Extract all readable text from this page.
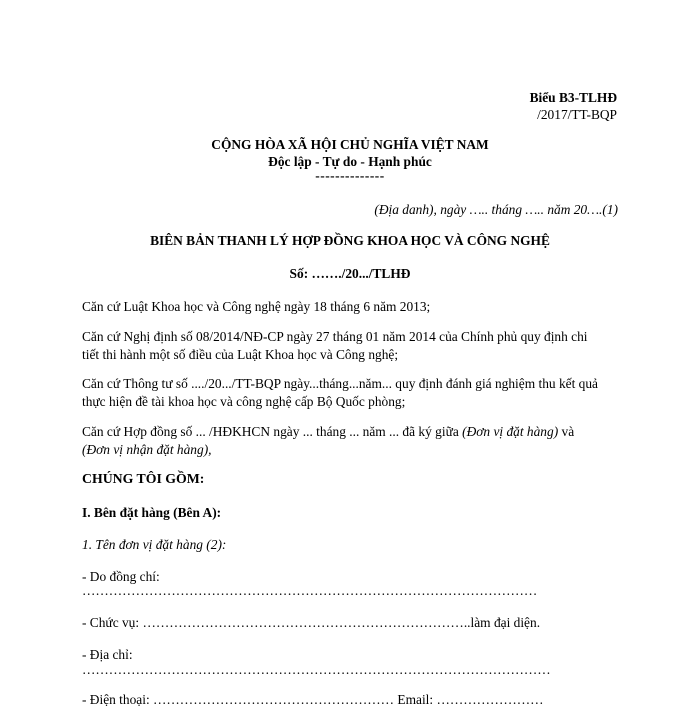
Biểu B3-TLHĐ
/2017/TT-BQP
CỘNG HÒA XÃ HỘI CHỦ NGHĨA VIỆT NAM
Độc lập - Tự do - Hạnh phúc
--------------
(Địa danh), ngày ….. tháng ….. năm 20….(1)
BIÊN BẢN THANH LÝ HỢP ĐỒNG KHOA HỌC VÀ CÔNG NGHỆ
Số: ……./20.../TLHĐ
Căn cứ Luật Khoa học và Công nghệ ngày 18 tháng 6 năm 2013;
Căn cứ Nghị định số 08/2014/NĐ-CP ngày 27 tháng 01 năm 2014 của Chính phủ quy định chi
tiết thi hành một số điều của Luật Khoa học và Công nghệ;
Căn cứ Thông tư số ..../20.../TT-BQP ngày...tháng...năm... quy định đánh giá nghiệm thu kết quả
thực hiện đề tài khoa học và công nghệ cấp Bộ Quốc phòng;
Căn cứ Hợp đồng số ... /HĐKHCN ngày ... tháng ... năm ... đã ký giữa (Đơn vị đặt hàng) và
(Đơn vị nhận đặt hàng),
CHÚNG TÔI GỒM:
I. Bên đặt hàng (Bên A):
1. Tên đơn vị đặt hàng (2):
- Do đồng chí:
…………………………………………………………………………………………
- Chức vụ: ………………………………………………………………..làm đại diện.
- Địa chỉ:
……………………………………………………………………………………………
- Điện thoại: ……………………………………………… Email: ……………………
